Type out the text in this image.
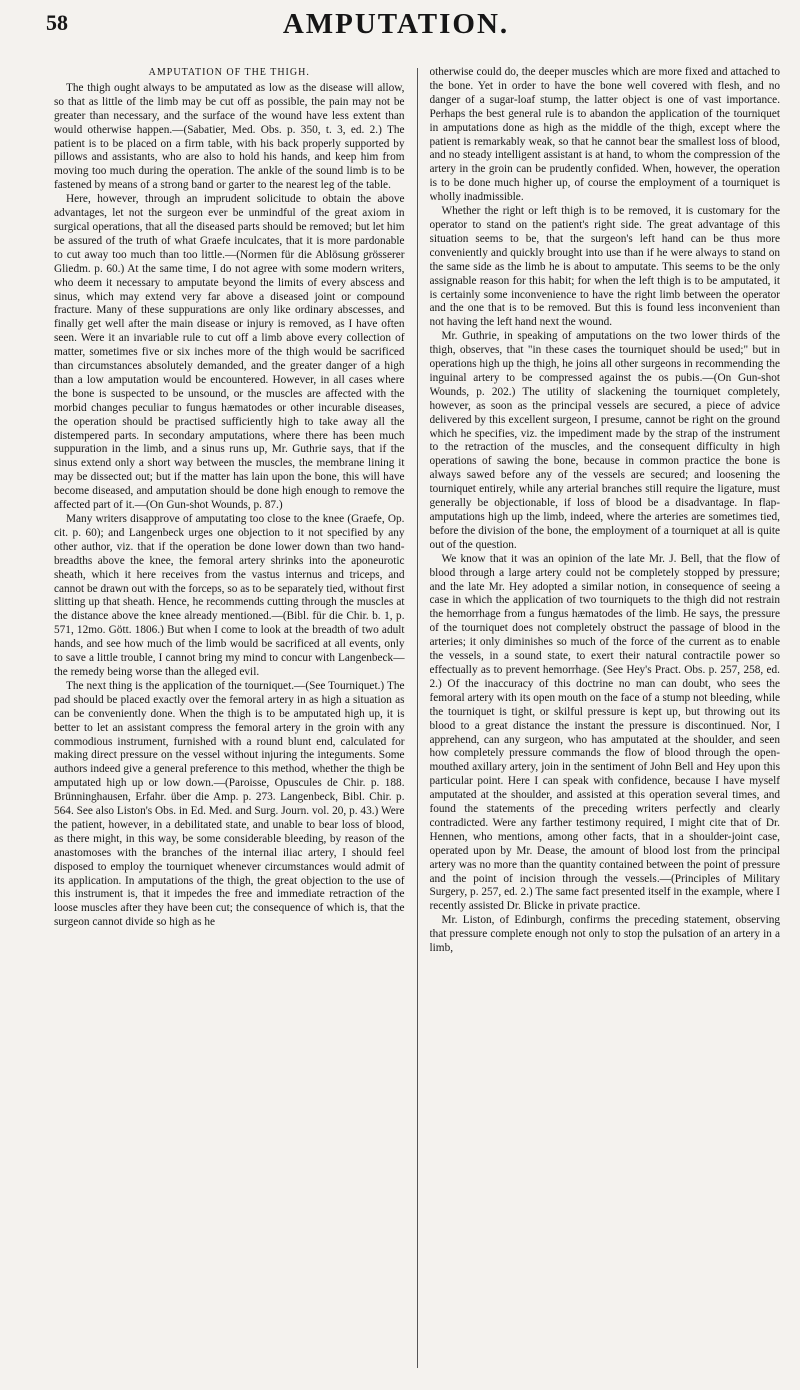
58	AMPUTATION.
AMPUTATION OF THE THIGH.

The thigh ought always to be amputated as low as the disease will allow, so that as little of the limb may be cut off as possible, the pain may not be greater than necessary, and the surface of the wound have less extent than would otherwise happen.—(Sabatier, Med. Obs. p. 350, t. 3, ed. 2.) The patient is to be placed on a firm table, with his back properly supported by pillows and assistants, who are also to hold his hands, and keep him from moving too much during the operation. The ankle of the sound limb is to be fastened by means of a strong band or garter to the nearest leg of the table.

Here, however, through an imprudent solicitude to obtain the above advantages, let not the surgeon ever be unmindful of the great axiom in surgical operations, that all the diseased parts should be removed; but let him be assured of the truth of what Graefe inculcates, that it is more pardonable to cut away too much than too little.—(Normen für die Ablösung grösserer Gliedm. p. 60.) At the same time, I do not agree with some modern writers, who deem it necessary to amputate beyond the limits of every abscess and sinus, which may extend very far above a diseased joint or compound fracture. Many of these suppurations are only like ordinary abscesses, and finally get well after the main disease or injury is removed, as I have often seen. Were it an invariable rule to cut off a limb above every collection of matter, sometimes five or six inches more of the thigh would be sacrificed than circumstances absolutely demanded, and the greater danger of a high than a low amputation would be encountered. However, in all cases where the bone is suspected to be unsound, or the muscles are affected with the morbid changes peculiar to fungus hæmatodes or other incurable diseases, the operation should be practised sufficiently high to take away all the distempered parts. In secondary amputations, where there has been much suppuration in the limb, and a sinus runs up, Mr. Guthrie says, that if the sinus extend only a short way between the muscles, the membrane lining it may be dissected out; but if the matter has lain upon the bone, this will have become diseased, and amputation should be done high enough to remove the affected part of it.—(On Gun-shot Wounds, p. 87.)

Many writers disapprove of amputating too close to the knee (Graefe, Op. cit. p. 60); and Langenbeck urges one objection to it not specified by any other author, viz. that if the operation be done lower down than two hand-breadths above the knee, the femoral artery shrinks into the aponeurotic sheath, which it here receives from the vastus internus and triceps, and cannot be drawn out with the forceps, so as to be separately tied, without first slitting up that sheath. Hence, he recommends cutting through the muscles at the distance above the knee already mentioned.—(Bibl. für die Chir. b. 1, p. 571, 12mo. Gött. 1806.) But when I come to look at the breadth of two adult hands, and see how much of the limb would be sacrificed at all events, only to save a little trouble, I cannot bring my mind to concur with Langenbeck—the remedy being worse than the alleged evil.

The next thing is the application of the tourniquet.—(See Tourniquet.) The pad should be placed exactly over the femoral artery in as high a situation as can be conveniently done. When the thigh is to be amputated high up, it is better to let an assistant compress the femoral artery in the groin with any commodious instrument, furnished with a round blunt end, calculated for making direct pressure on the vessel without injuring the integuments. Some authors indeed give a general preference to this method, whether the thigh be amputated high up or low down.—(Paroisse, Opuscules de Chir. p. 188. Brünninghausen, Erfahr. über die Amp. p. 273. Langenbeck, Bibl. Chir. p. 564. See also Liston's Obs. in Ed. Med. and Surg. Journ. vol. 20, p. 43.) Were the patient, however, in a debilitated state, and unable to bear loss of blood, as there might, in this way, be some considerable bleeding, by reason of the anastomoses with the branches of the internal iliac artery, I should feel disposed to employ the tourniquet whenever circumstances would admit of its application. In amputations of the thigh, the great objection to the use of this instrument is, that it impedes the free and immediate retraction of the loose muscles after they have been cut; the consequence of which is, that the surgeon cannot divide so high as he

otherwise could do, the deeper muscles which are more fixed and attached to the bone. Yet in order to have the bone well covered with flesh, and no danger of a sugar-loaf stump, the latter object is one of vast importance. Perhaps the best general rule is to abandon the application of the tourniquet in amputations done as high as the middle of the thigh, except where the patient is remarkably weak, so that he cannot bear the smallest loss of blood, and no steady intelligent assistant is at hand, to whom the compression of the artery in the groin can be prudently confided. When, however, the operation is to be done much higher up, of course the employment of a tourniquet is wholly inadmissible.

Whether the right or left thigh is to be removed, it is customary for the operator to stand on the patient's right side. The great advantage of this situation seems to be, that the surgeon's left hand can be thus more conveniently and quickly brought into use than if he were always to stand on the same side as the limb he is about to amputate. This seems to be the only assignable reason for this habit; for when the left thigh is to be amputated, it is certainly some inconvenience to have the right limb between the operator and the one that is to be removed. But this is found less inconvenient than not having the left hand next the wound.

Mr. Guthrie, in speaking of amputations on the two lower thirds of the thigh, observes, that "in these cases the tourniquet should be used;" but in operations high up the thigh, he joins all other surgeons in recommending the inguinal artery to be compressed against the os pubis.—(On Gun-shot Wounds, p. 202.) The utility of slackening the tourniquet completely, however, as soon as the principal vessels are secured, a piece of advice delivered by this excellent surgeon, I presume, cannot be right on the ground which he specifies, viz. the impediment made by the strap of the instrument to the retraction of the muscles, and the consequent difficulty in high operations of sawing the bone, because in common practice the bone is always sawed before any of the vessels are secured; and loosening the tourniquet entirely, while any arterial branches still require the ligature, must generally be objectionable, if loss of blood be a disadvantage. In flap-amputations high up the limb, indeed, where the arteries are sometimes tied, before the division of the bone, the employment of a tourniquet at all is quite out of the question.

We know that it was an opinion of the late Mr. J. Bell, that the flow of blood through a large artery could not be completely stopped by pressure; and the late Mr. Hey adopted a similar notion, in consequence of seeing a case in which the application of two tourniquets to the thigh did not restrain the hemorrhage from a fungus hæmatodes of the limb. He says, the pressure of the tourniquet does not completely obstruct the passage of blood in the arteries; it only diminishes so much of the force of the current as to enable the vessels, in a sound state, to exert their natural contractile power so effectually as to prevent hemorrhage. (See Hey's Pract. Obs. p. 257, 258, ed. 2.) Of the inaccuracy of this doctrine no man can doubt, who sees the femoral artery with its open mouth on the face of a stump not bleeding, while the tourniquet is tight, or skilful pressure is kept up, but throwing out its blood to a great distance the instant the pressure is discontinued. Nor, I apprehend, can any surgeon, who has amputated at the shoulder, and seen how completely pressure commands the flow of blood through the open-mouthed axillary artery, join in the sentiment of John Bell and Hey upon this particular point. Here I can speak with confidence, because I have myself amputated at the shoulder, and assisted at this operation several times, and found the statements of the preceding writers perfectly and clearly contradicted. Were any farther testimony required, I might cite that of Dr. Hennen, who mentions, among other facts, that in a shoulder-joint case, operated upon by Mr. Dease, the amount of blood lost from the principal artery was no more than the quantity contained between the point of pressure and the point of incision through the vessels.—(Principles of Military Surgery, p. 257, ed. 2.) The same fact presented itself in the example, where I recently assisted Dr. Blicke in private practice.

Mr. Liston, of Edinburgh, confirms the preceding statement, observing that pressure complete enough not only to stop the pulsation of an artery in a limb,
